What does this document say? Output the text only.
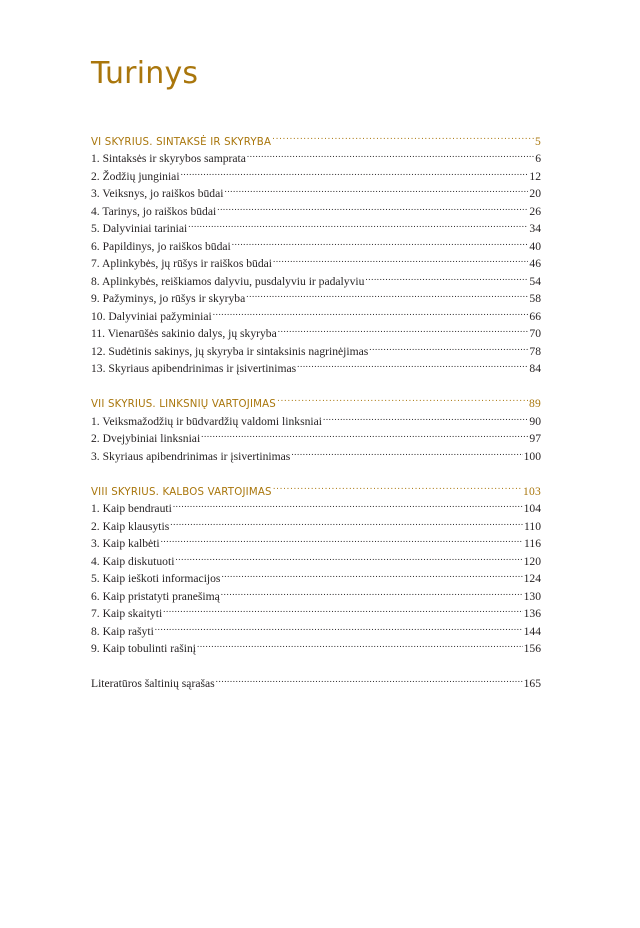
Turinys
VI SKYRIUS. SINTAKSĖ IR SKYRYBA .....	5
1. Sintaksės ir skyrybos samprata .....	6
2. Žodžių junginiai .....	12
3. Veiksnys, jo raiškos būdai .....	20
4. Tarinys, jo raiškos būdai .....	26
5. Dalyviniai tariniai .....	34
6. Papildinys, jo raiškos būdai .....	40
7. Aplinkybės, jų rūšys ir raiškos būdai .....	46
8. Aplinkybės, reiškiamos dalyviu, pusdalyviu ir padalyviu .....	54
9. Pažyminys, jo rūšys ir skyryba .....	58
10. Dalyviniai pažyminiai .....	66
11. Vienarūšės sakinio dalys, jų skyryba .....	70
12. Sudėtinis sakinys, jų skyryba ir sintaksinis nagrinėjimas .....	78
13. Skyriaus apibendrinimas ir įsivertinimas .....	84
VII SKYRIUS. LINKSNIŲ VARTOJIMAS .....	89
1. Veiksmažodžių ir būdvardžių valdomi linksniai .....	90
2. Dvejybiniai linksniai .....	97
3. Skyriaus apibendrinimas ir įsivertinimas .....	100
VIII SKYRIUS. KALBOS VARTOJIMAS .....	103
1. Kaip bendrauti .....	104
2. Kaip klausytis .....	110
3. Kaip kalbėti .....	116
4. Kaip diskutuoti .....	120
5. Kaip ieškoti informacijos .....	124
6. Kaip pristatyti pranešimą .....	130
7. Kaip skaityti .....	136
8. Kaip rašyti .....	144
9. Kaip tobulinti rašinį .....	156
Literatūros šaltinių sąrašas .....	165
